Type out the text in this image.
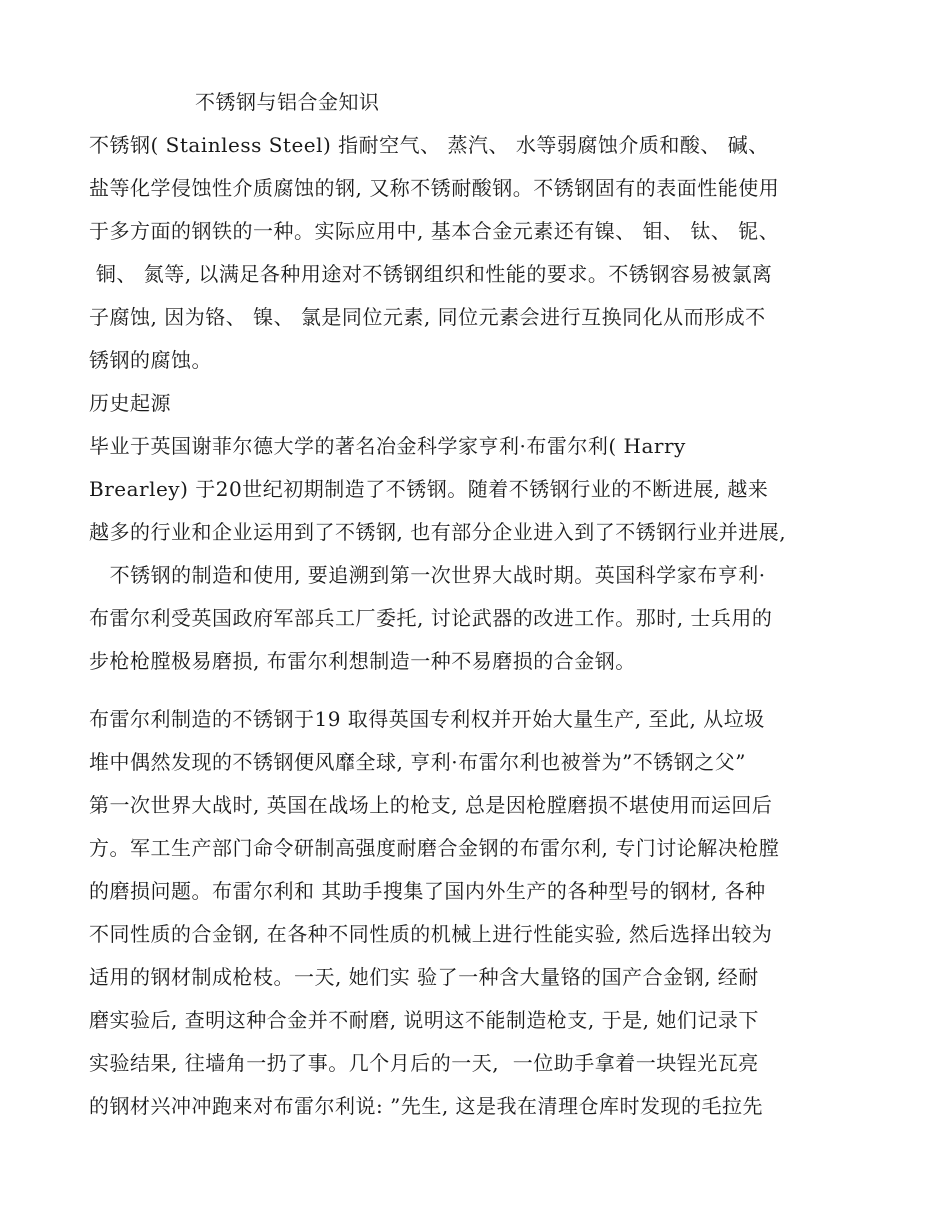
不锈钢与铝合金知识
不锈钢( Stainless Steel) 指耐空气、 蒸汽、 水等弱腐蚀介质和酸、 碱、
盐等化学侵蚀性介质腐蚀的钢, 又称不锈耐酸钢。不锈钢固有的表面性能使用
于多方面的钢铁的一种。实际应用中, 基本合金元素还有镍、 钼、 钛、 铌、
铜、 氮等, 以满足各种用途对不锈钢组织和性能的要求。不锈钢容易被氯离
子腐蚀, 因为铬、 镍、 氯是同位元素, 同位元素会进行互换同化从而形成不
锈钢的腐蚀。
历史起源
毕业于英国谢菲尔德大学的著名冶金科学家亨利·布雷尔利( Harry
Brearley) 于20世纪初期制造了不锈钢。随着不锈钢行业的不断进展, 越来
越多的行业和企业运用到了不锈钢, 也有部分企业进入到了不锈钢行业并进展,
不锈钢的制造和使用, 要追溯到第一次世界大战时期。英国科学家布亨利·
布雷尔利受英国政府军部兵工厂委托, 讨论武器的改进工作。那时, 士兵用的
步枪枪膛极易磨损, 布雷尔利想制造一种不易磨损的合金钢。
布雷尔利制造的不锈钢于19 取得英国专利权并开始大量生产, 至此, 从垃圾
堆中偶然发现的不锈钢便风靡全球, 亨利·布雷尔利也被誉为”不锈钢之父”
第一次世界大战时, 英国在战场上的枪支, 总是因枪膛磨损不堪使用而运回后
方。军工生产部门命令研制高强度耐磨合金钢的布雷尔利, 专门讨论解决枪膛
的磨损问题。布雷尔利和 其助手搜集了国内外生产的各种型号的钢材, 各种
不同性质的合金钢, 在各种不同性质的机械上进行性能实验, 然后选择出较为
适用的钢材制成枪枝。一天, 她们实 验了一种含大量铬的国产合金钢, 经耐
磨实验后, 查明这种合金并不耐磨, 说明这不能制造枪支, 于是, 她们记录下
实验结果, 往墙角一扔了事。几个月后的一天,  一位助手拿着一块锃光瓦亮
的钢材兴冲冲跑来对布雷尔利说: ”先生, 这是我在清理仓库时发现的毛拉先
